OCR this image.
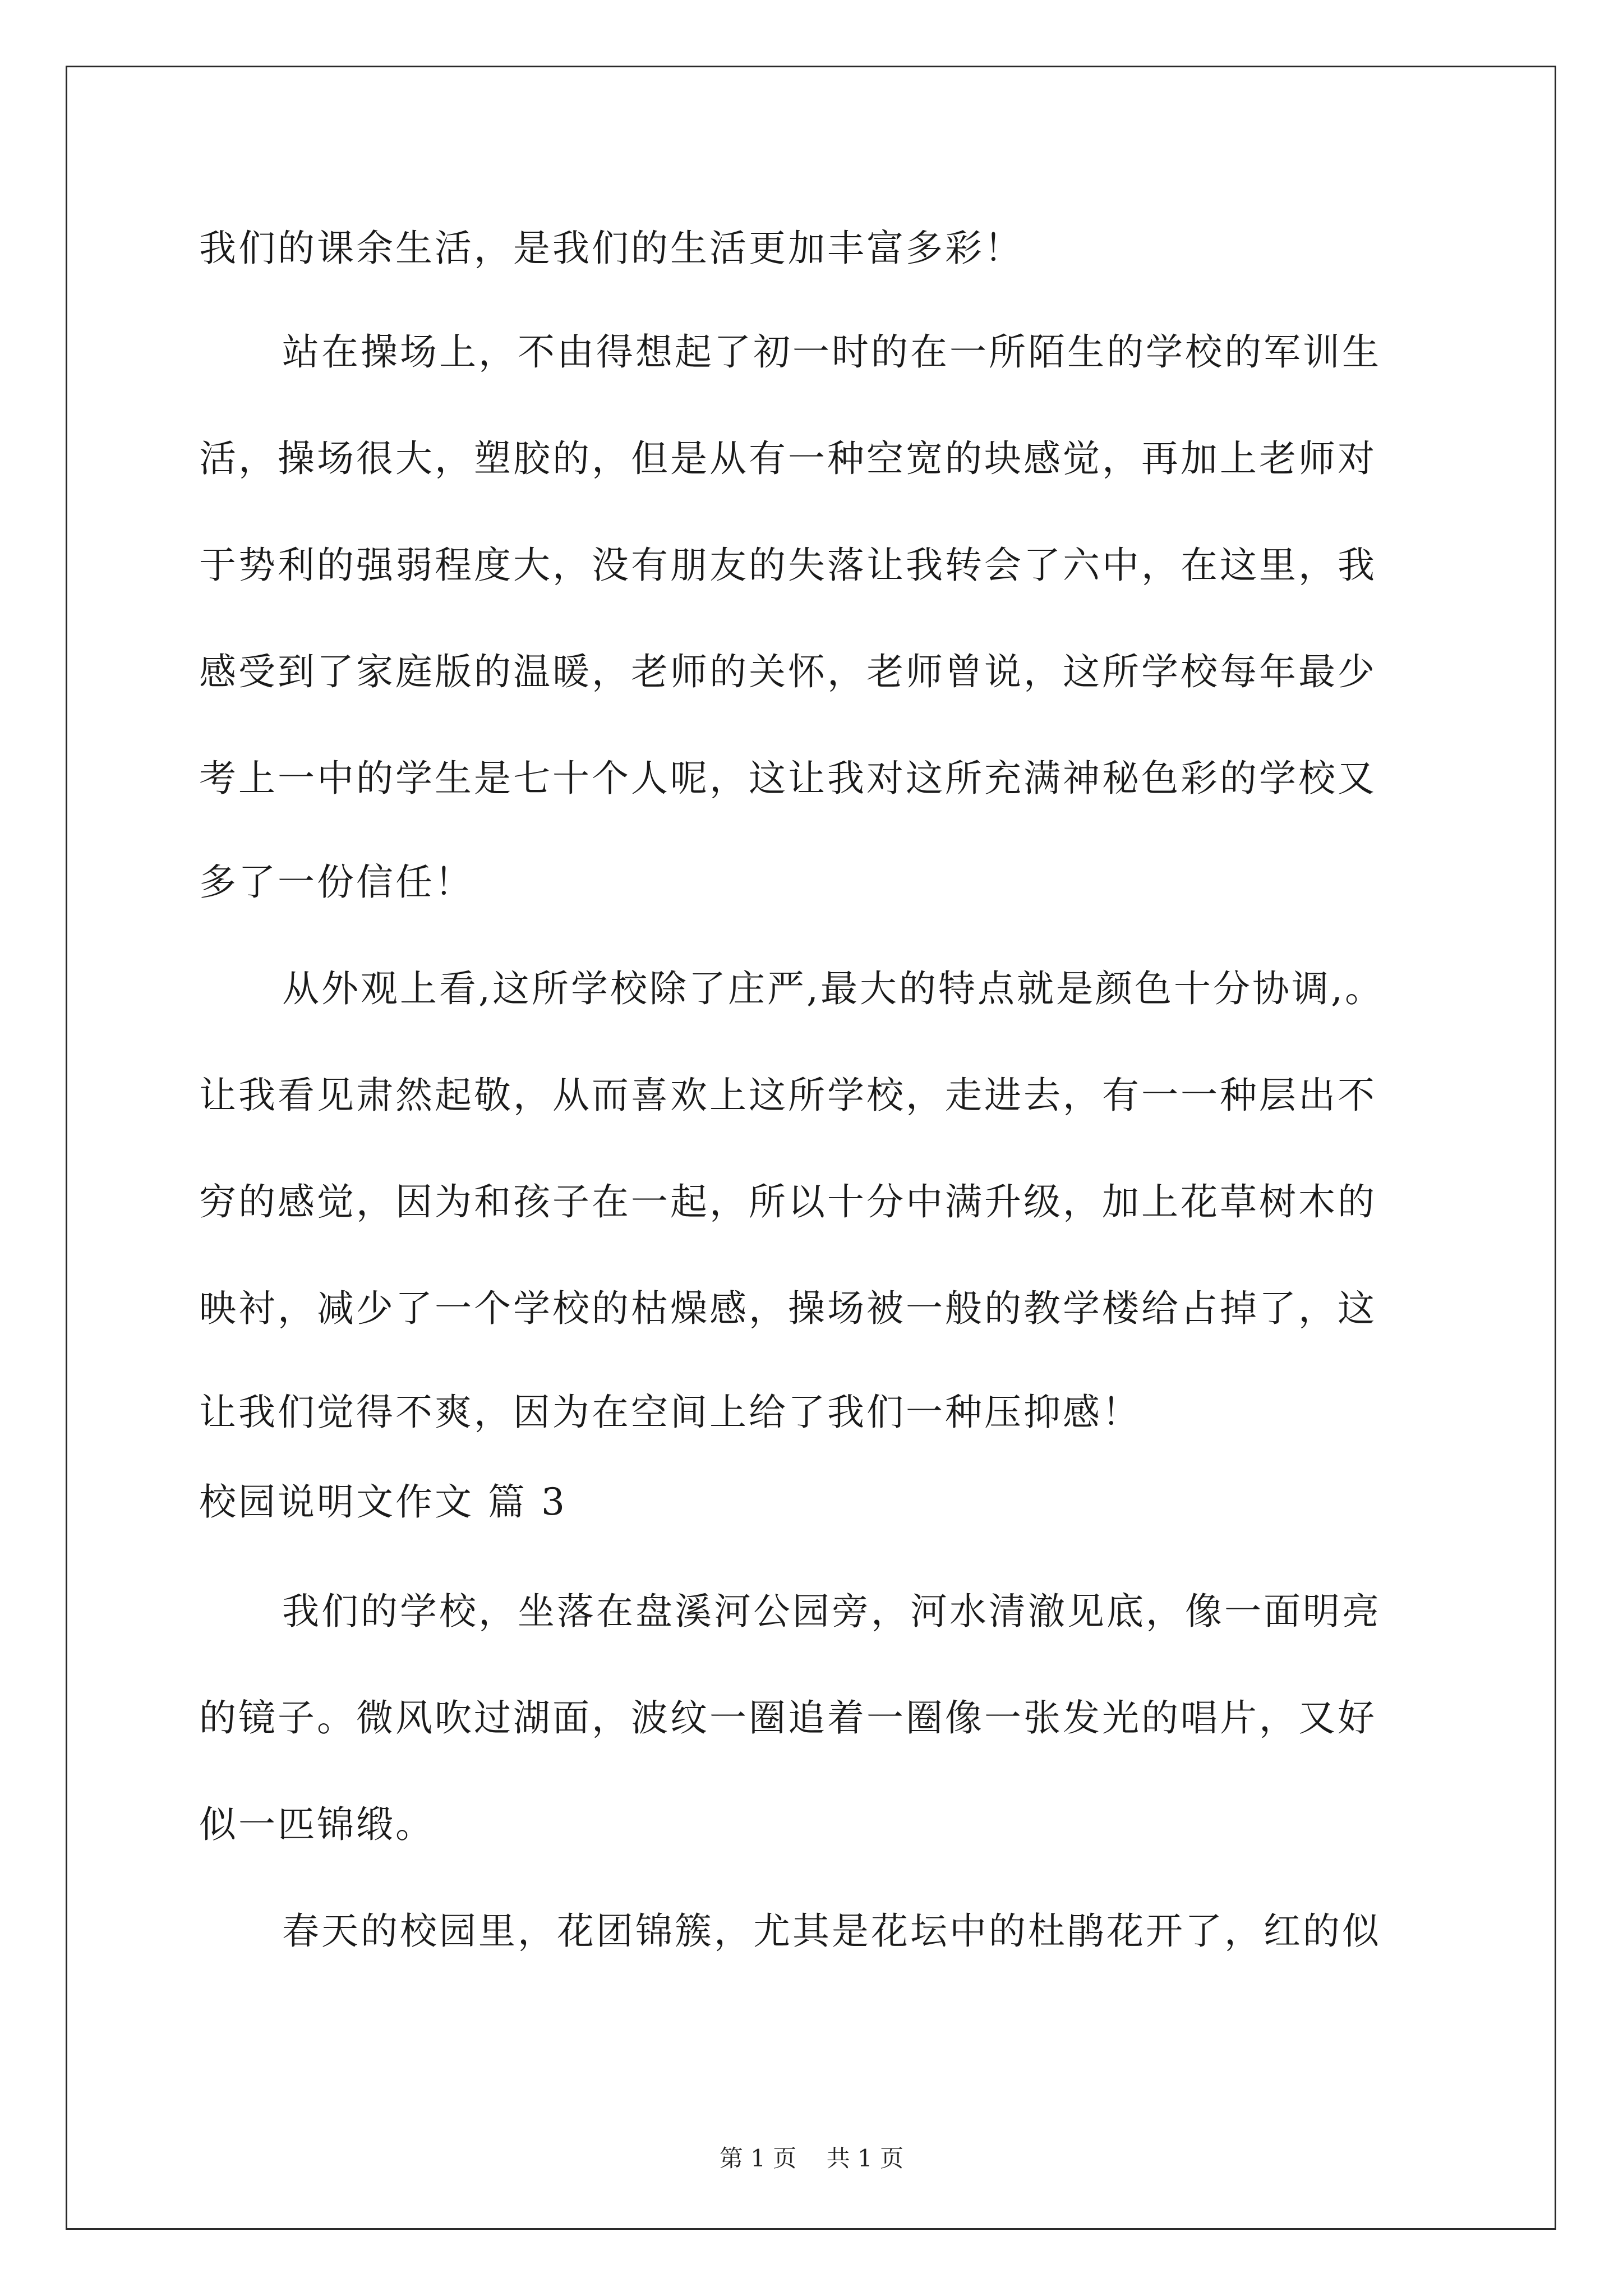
我们的课余生活，是我们的生活更加丰富多彩！
站在操场上，不由得想起了初一时的在一所陌生的学校的军训生
活，操场很大，塑胶的，但是从有一种空宽的块感觉，再加上老师对
于势利的强弱程度大，没有朋友的失落让我转会了六中，在这里，我
感受到了家庭版的温暖，老师的关怀，老师曾说，这所学校每年最少
考上一中的学生是七十个人呢，这让我对这所充满神秘色彩的学校又
多了一份信任！
从外观上看,这所学校除了庄严,最大的特点就是颜色十分协调,。
让我看见肃然起敬，从而喜欢上这所学校，走进去，有一一种层出不
穷的感觉，因为和孩子在一起，所以十分中满升级，加上花草树木的
映衬，减少了一个学校的枯燥感，操场被一般的教学楼给占掉了，这
让我们觉得不爽，因为在空间上给了我们一种压抑感！
校园说明文作文 篇 3
我们的学校，坐落在盘溪河公园旁，河水清澈见底，像一面明亮
的镜子。微风吹过湖面，波纹一圈追着一圈像一张发光的唱片，又好
似一匹锦缎。
春天的校园里，花团锦簇，尤其是花坛中的杜鹃花开了，红的似
第 1 页    共 1 页
